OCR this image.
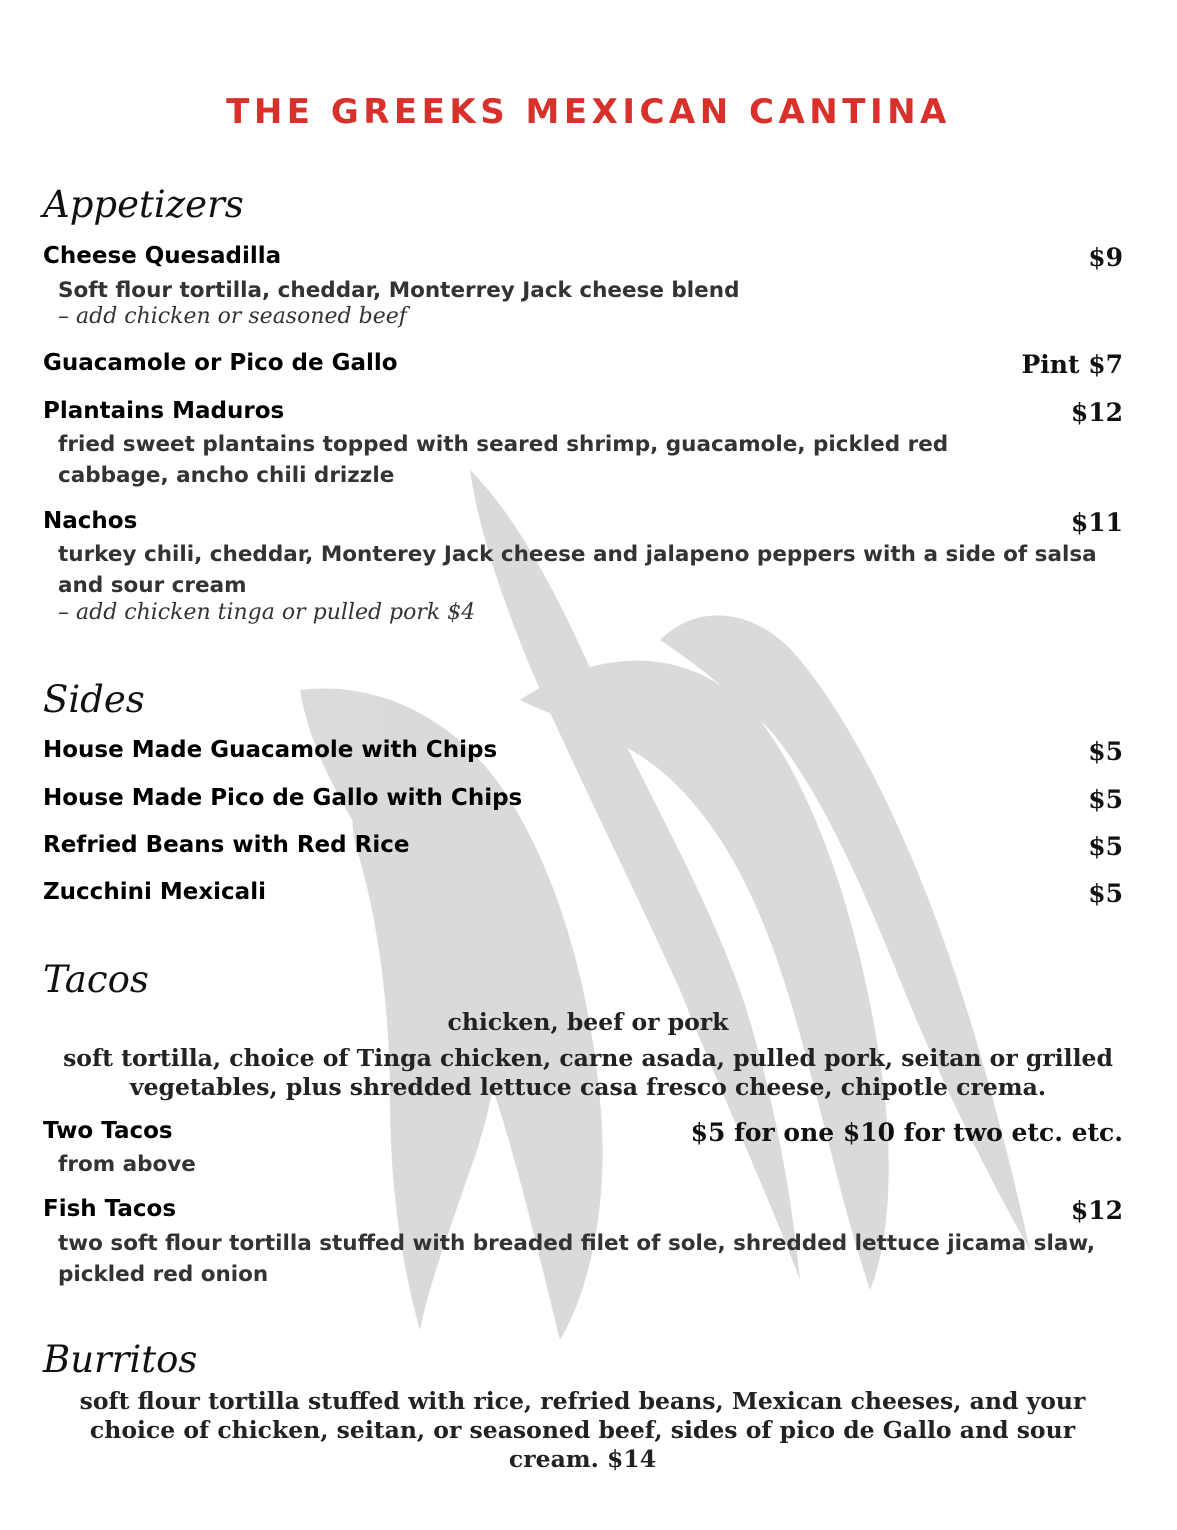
THE GREEKS MEXICAN CANTINA
Appetizers
Cheese Quesadilla	$9
Soft flour tortilla, cheddar, Monterrey Jack cheese blend
– add chicken or seasoned beef
Guacamole or Pico de Gallo	Pint $7
Plantains Maduros	$12
fried sweet plantains topped with seared shrimp, guacamole, pickled red cabbage, ancho chili drizzle
Nachos	$11
turkey chili, cheddar, Monterey Jack cheese and jalapeno peppers with a side of salsa and sour cream
– add chicken tinga or pulled pork $4
Sides
House Made Guacamole with Chips	$5
House Made Pico de Gallo with Chips	$5
Refried Beans with Red Rice	$5
Zucchini Mexicali	$5
Tacos
chicken, beef or pork
soft tortilla, choice of Tinga chicken, carne asada, pulled pork, seitan or grilled vegetables, plus shredded lettuce casa fresco cheese, chipotle crema.
Two Tacos	$5 for one $10 for two etc. etc.
from above
Fish Tacos	$12
two soft flour tortilla stuffed with breaded filet of sole, shredded lettuce jicama slaw, pickled red onion
Burritos
soft flour tortilla stuffed with rice, refried beans, Mexican cheeses, and your choice of chicken, seitan, or seasoned beef, sides of pico de Gallo and sour cream. $14
